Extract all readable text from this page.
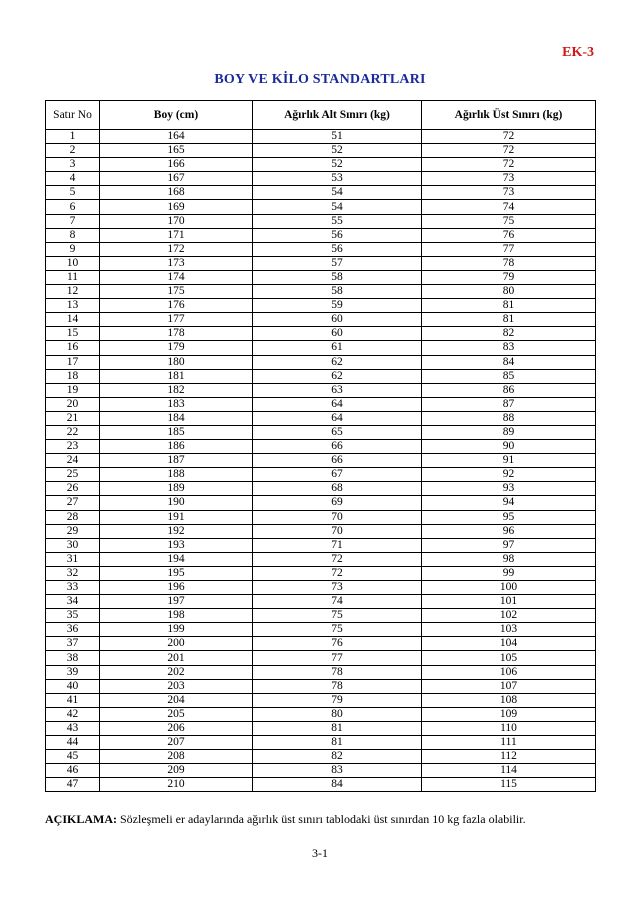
EK-3
BOY VE KİLO STANDARTLARI
Satır No	Boy (cm)	Ağırlık Alt Sınırı (kg)	Ağırlık Üst Sınırı (kg)
1	164	51	72
2	165	52	72
3	166	52	72
4	167	53	73
5	168	54	73
6	169	54	74
7	170	55	75
8	171	56	76
9	172	56	77
10	173	57	78
11	174	58	79
12	175	58	80
13	176	59	81
14	177	60	81
15	178	60	82
16	179	61	83
17	180	62	84
18	181	62	85
19	182	63	86
20	183	64	87
21	184	64	88
22	185	65	89
23	186	66	90
24	187	66	91
25	188	67	92
26	189	68	93
27	190	69	94
28	191	70	95
29	192	70	96
30	193	71	97
31	194	72	98
32	195	72	99
33	196	73	100
34	197	74	101
35	198	75	102
36	199	75	103
37	200	76	104
38	201	77	105
39	202	78	106
40	203	78	107
41	204	79	108
42	205	80	109
43	206	81	110
44	207	81	111
45	208	82	112
46	209	83	114
47	210	84	115
AÇIKLAMA: Sözleşmeli er adaylarında ağırlık üst sınırı tablodaki üst sınırdan 10 kg fazla olabilir.
3-1
